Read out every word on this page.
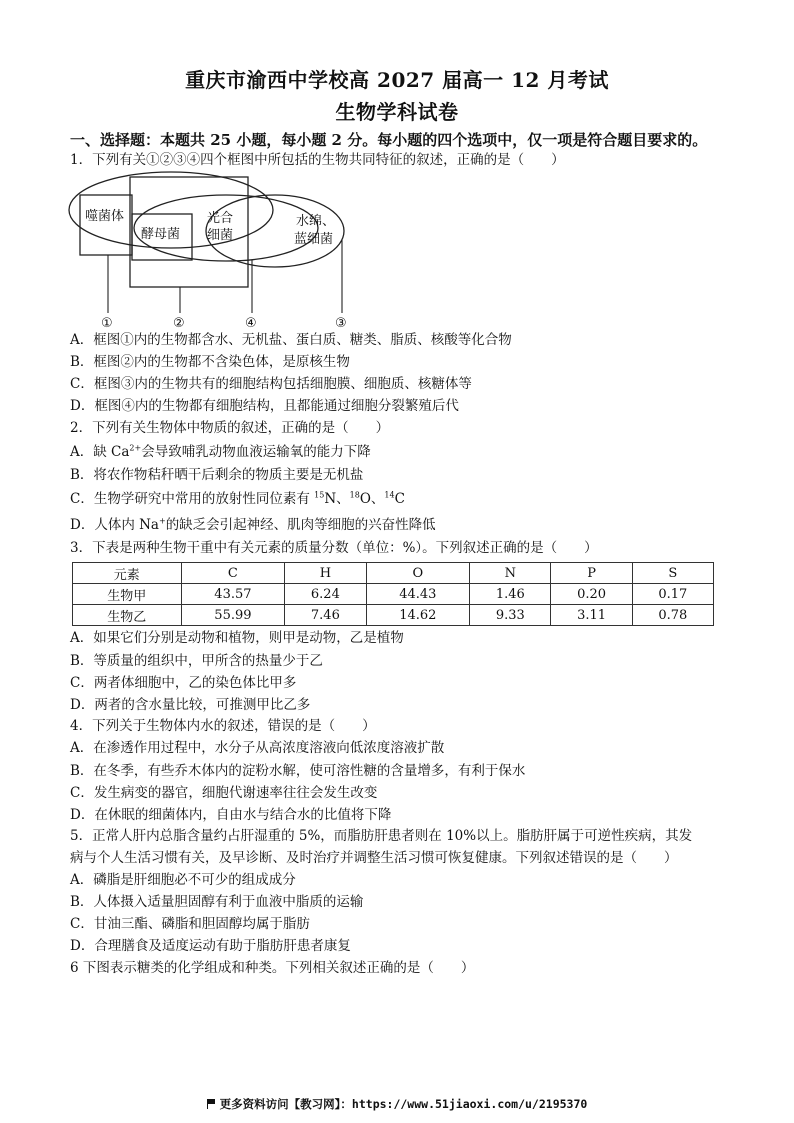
重庆市渝西中学校高 2027 届高一 12 月考试
生物学科试卷
一、选择题：本题共 25 小题，每小题 2 分。每小题的四个选项中，仅一项是符合题目要求的。
1．下列有关①②③④四个框图中所包括的生物共同特征的叙述，正确的是（　　）
噬菌体
酵母菌
光合
细菌
水绵、
蓝细菌
①	②	④	③
A．框图①内的生物都含水、无机盐、蛋白质、糖类、脂质、核酸等化合物
B．框图②内的生物都不含染色体，是原核生物
C．框图③内的生物共有的细胞结构包括细胞膜、细胞质、核糖体等
D．框图④内的生物都有细胞结构，且都能通过细胞分裂繁殖后代
2．下列有关生物体中物质的叙述，正确的是（　　）
A．缺 $Ca^{2+}$会导致哺乳动物血液运输氧的能力下降
B．将农作物秸秆晒干后剩余的物质主要是无机盐
C．生物学研究中常用的放射性同位素有 $^{15}$N、$^{18}$O、$^{14}$C
D．人体内 Na+的缺乏会引起神经、肌肉等细胞的兴奋性降低
3．下表是两种生物干重中有关元素的质量分数（单位：%）。下列叙述正确的是（　　）
元素	C	H	O	N	P	S
生物甲	43.57	6.24	44.43	1.46	0.20	0.17
生物乙	55.99	7.46	14.62	9.33	3.11	0.78
A．如果它们分别是动物和植物，则甲是动物，乙是植物
B．等质量的组织中，甲所含的热量少于乙
C．两者体细胞中，乙的染色体比甲多
D．两者的含水量比较，可推测甲比乙多
4．下列关于生物体内水的叙述，错误的是（　　）
A．在渗透作用过程中，水分子从高浓度溶液向低浓度溶液扩散
B．在冬季，有些乔木体内的淀粉水解，使可溶性糖的含量增多，有利于保水
C．发生病变的器官，细胞代谢速率往往会发生改变
D．在休眠的细菌体内，自由水与结合水的比值将下降
5．正常人肝内总脂含量约占肝湿重的 5%，而脂肪肝患者则在 10%以上。脂肪肝属于可逆性疾病，其发
病与个人生活习惯有关，及早诊断、及时治疗并调整生活习惯可恢复健康。下列叙述错误的是（　　）
A．磷脂是肝细胞必不可少的组成成分
B．人体摄入适量胆固醇有利于血液中脂质的运输
C．甘油三酯、磷脂和胆固醇均属于脂肪
D．合理膳食及适度运动有助于脂肪肝患者康复
6 下图表示糖类的化学组成和种类。下列相关叙述正确的是（　　）
更多资料访问【教习网】：https://www.51jiaoxi.com/u/2195370
